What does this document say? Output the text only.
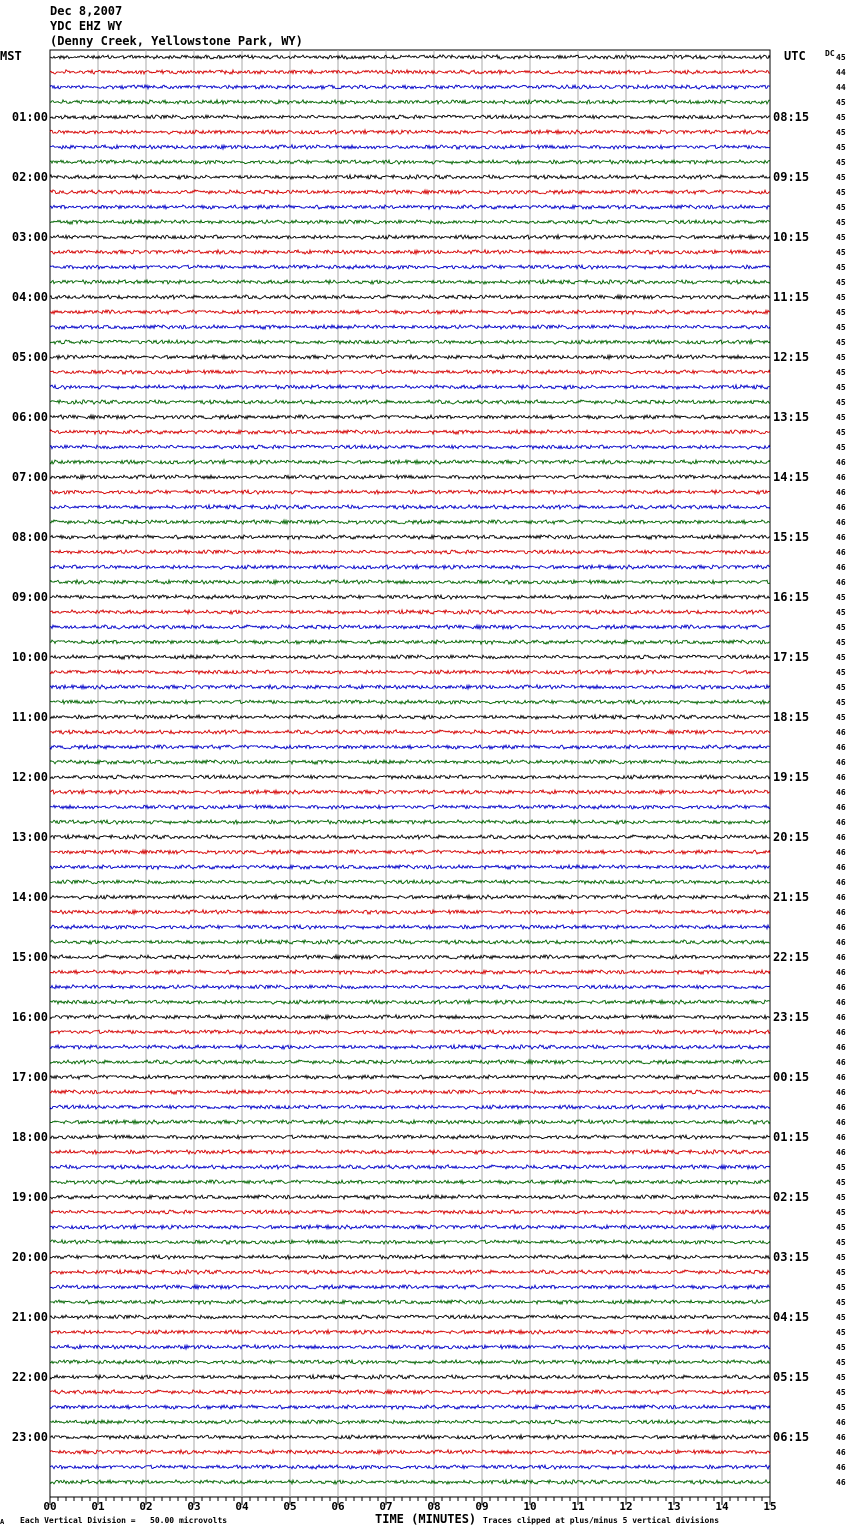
Dec 8,2007
YDC EHZ WY
(Denny Creek, Yellowstone Park, WY)
MST	UTC DC 45
44
44
45
45
45
45
45
45
45
45
45
45
45
45
45
45
45
45
45
45
45
45
45
45
45
45
46
46
46
46
46
46
46
46
46
45
45
45
45
45
45
45
45
45
46
46
46
46
46
46
46
46
46
46
46
46
46
46
46
46
46
46
46
46
46
46
46
46
46
46
46
46
46
45
45
45
45
45
45
45
45
45
45
45
45
45
45
45
45
45
46
46
46
46
46
01:00
02:00
03:00
04:00
05:00
06:00
07:00
08:00
09:00
10:00
11:00
12:00
13:00
14:00
15:00
16:00
17:00
18:00
19:00
20:00
21:00
22:00
23:00
08:15
09:15
10:15
11:15
12:15
13:15
14:15
15:15
16:15
17:15
18:15
19:15
20:15
21:15
22:15
23:15
00:15
01:15
02:15
03:15
04:15
05:15
06:15
00	01	02	03	04	05	06	07	08	09	10	11	12	13	14	15
TIME (MINUTES)
A Each Vertical Division =   50.00 microvolts	Traces clipped at plus/minus 5 vertical divisions
